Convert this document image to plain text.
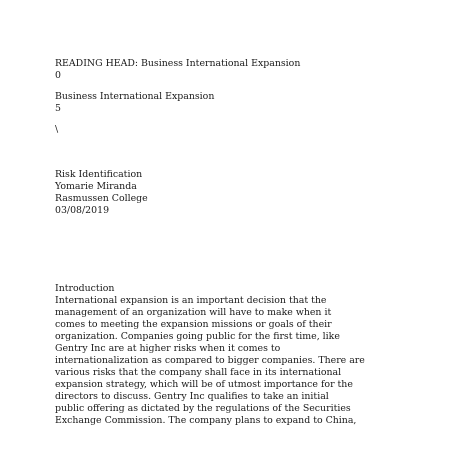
READING HEAD: Business International Expansion

0

Business International Expansion

5

\

Risk Identification

Yomarie Miranda

Rasmussen College

03/08/2019

Introduction

International expansion is an important decision that the

management of an organization will have to make when it

comes to meeting the expansion missions or goals of their

organization. Companies going public for the first time, like

Gentry Inc are at higher risks when it comes to

internationalization as compared to bigger companies. There are

various risks that the company shall face in its international

expansion strategy, which will be of utmost importance for the

directors to discuss. Gentry Inc qualifies to take an initial

public offering as dictated by the regulations of the Securities

Exchange Commission. The company plans to expand to China,
